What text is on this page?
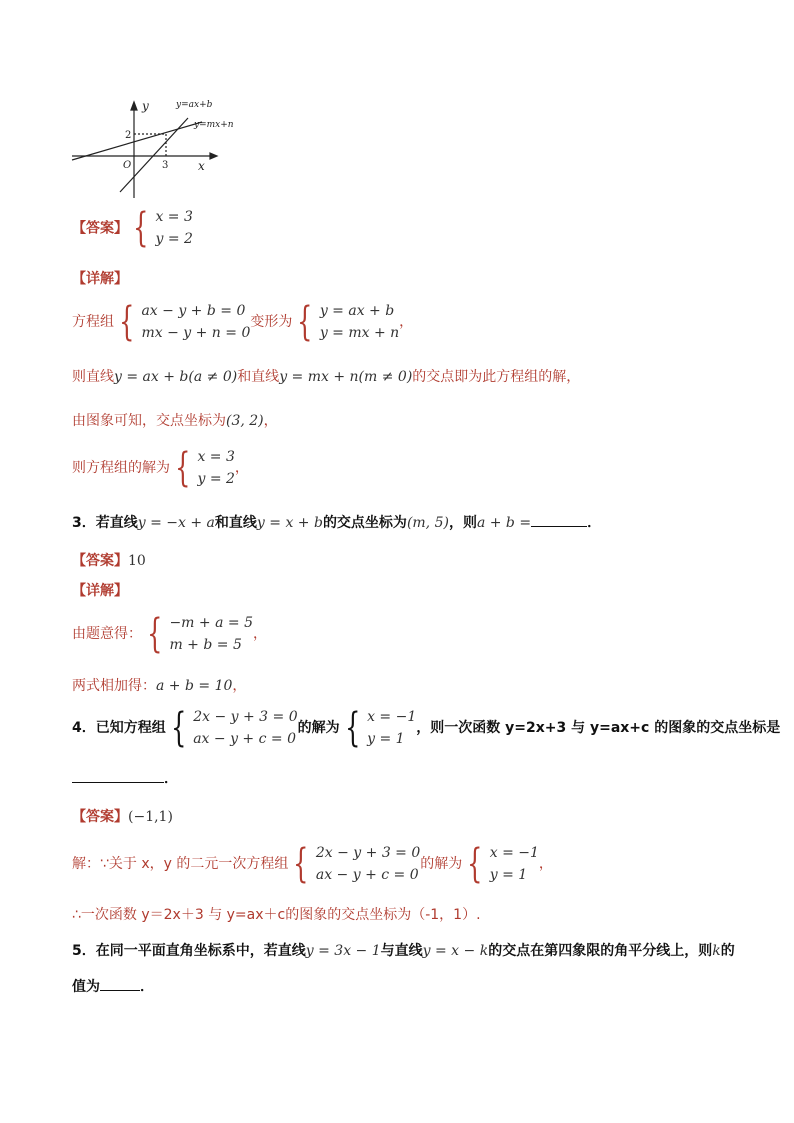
y
x
O
2
3
y=ax+b
y=mx+n
【答案】 { x = 3
y = 2
【详解】
方程组 { ax − y + b = 0
mx − y + n = 0
变形为 { y = ax + b
y = mx + n
，
则直线y = ax + b(a ≠ 0)和直线y = mx + n(m ≠ 0)的交点即为此方程组的解，
由图象可知，交点坐标为(3, 2)，
则方程组的解为 { x = 3
y = 2
，
3．若直线y = −x + a和直线y = x + b的交点坐标为(m, 5)，则a + b =	．
【答案】10
【详解】
由题意得： { −m + a = 5
m + b = 5
，
两式相加得：a + b = 10，
4．已知方程组 { 2x − y + 3 = 0
ax − y + c = 0
的解为 { x = −1
y = 1
，则一次函数 y=2x+3 与 y=ax+c 的图象的交点坐标是
．
【答案】(−1,1)
解：∵关于 x，y 的二元一次方程组 { 2x − y + 3 = 0
ax − y + c = 0
的解为 { x = −1
y = 1
，
∴一次函数 y＝2x＋3 与 y=ax＋c的图象的交点坐标为（-1，1）.
5．在同一平面直角坐标系中，若直线y = 3x − 1与直线y = x − k的交点在第四象限的角平分线上，则k的
值为	．
